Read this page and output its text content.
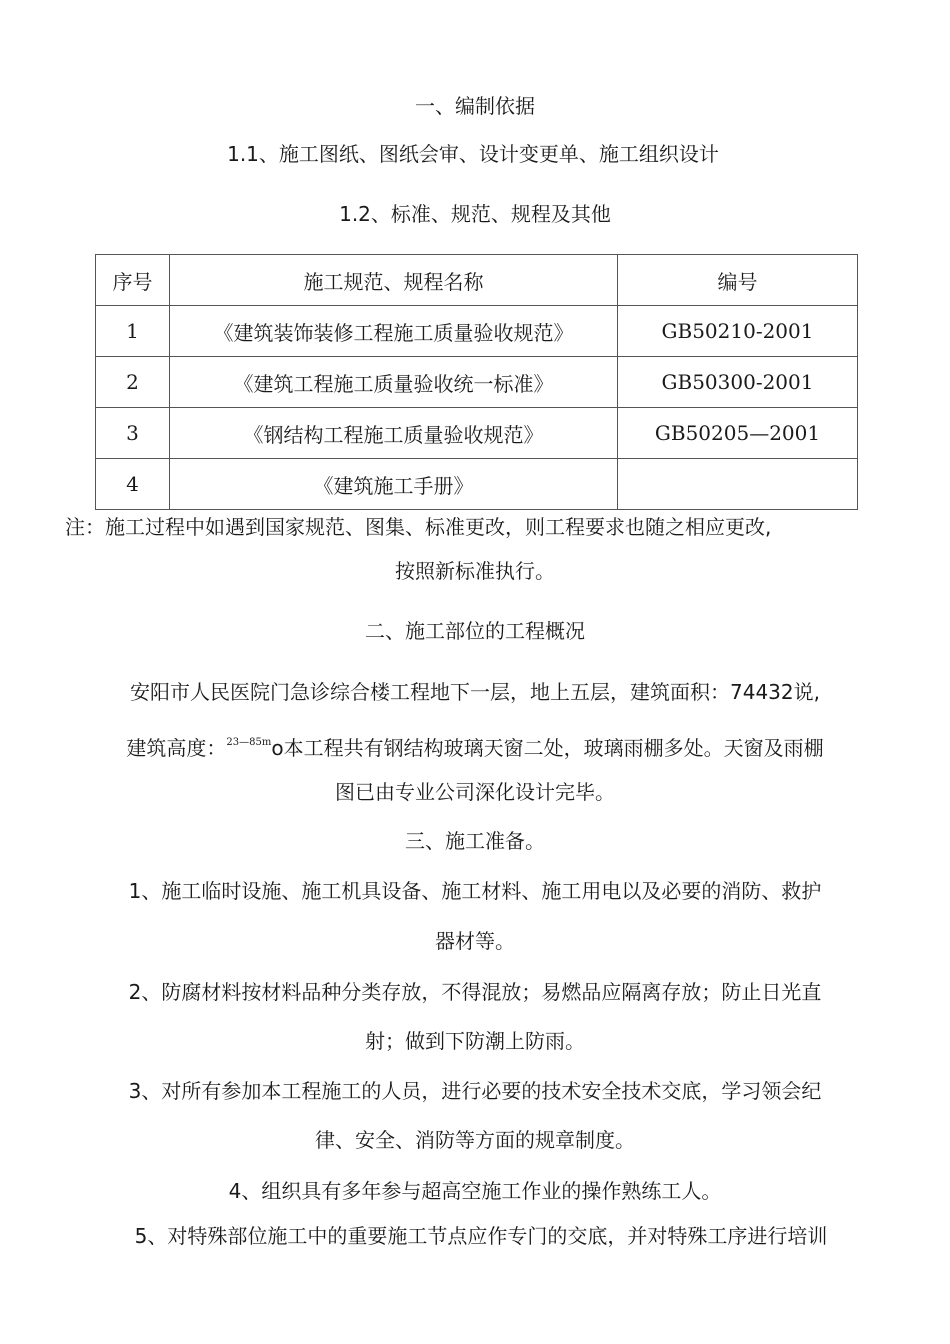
一、编制依据
1.1、施工图纸、图纸会审、设计变更单、施工组织设计
1.2、标准、规范、规程及其他
序号	施工规范、规程名称	编号
1	《建筑装饰装修工程施工质量验收规范》	GB50210-2001
2	《建筑工程施工质量验收统一标准》	GB50300-2001
3	《钢结构工程施工质量验收规范》	GB50205—2001
4	《建筑施工手册》	
注：施工过程中如遇到国家规范、图集、标准更改，则工程要求也随之相应更改,
按照新标准执行。
二、施工部位的工程概况
安阳市人民医院门急诊综合楼工程地下一层，地上五层，建筑面积：74432说,
建筑高度：$^{23—85m}$o本工程共有钢结构玻璃天窗二处，玻璃雨棚多处。天窗及雨棚
图已由专业公司深化设计完毕。
三、施工准备。
1、施工临时设施、施工机具设备、施工材料、施工用电以及必要的消防、救护
器材等。
2、防腐材料按材料品种分类存放，不得混放；易燃品应隔离存放；防止日光直
射；做到下防潮上防雨。
3、对所有参加本工程施工的人员，进行必要的技术安全技术交底，学习领会纪
律、安全、消防等方面的规章制度。
4、组织具有多年参与超高空施工作业的操作熟练工人。
5、对特殊部位施工中的重要施工节点应作专门的交底，并对特殊工序进行培训
